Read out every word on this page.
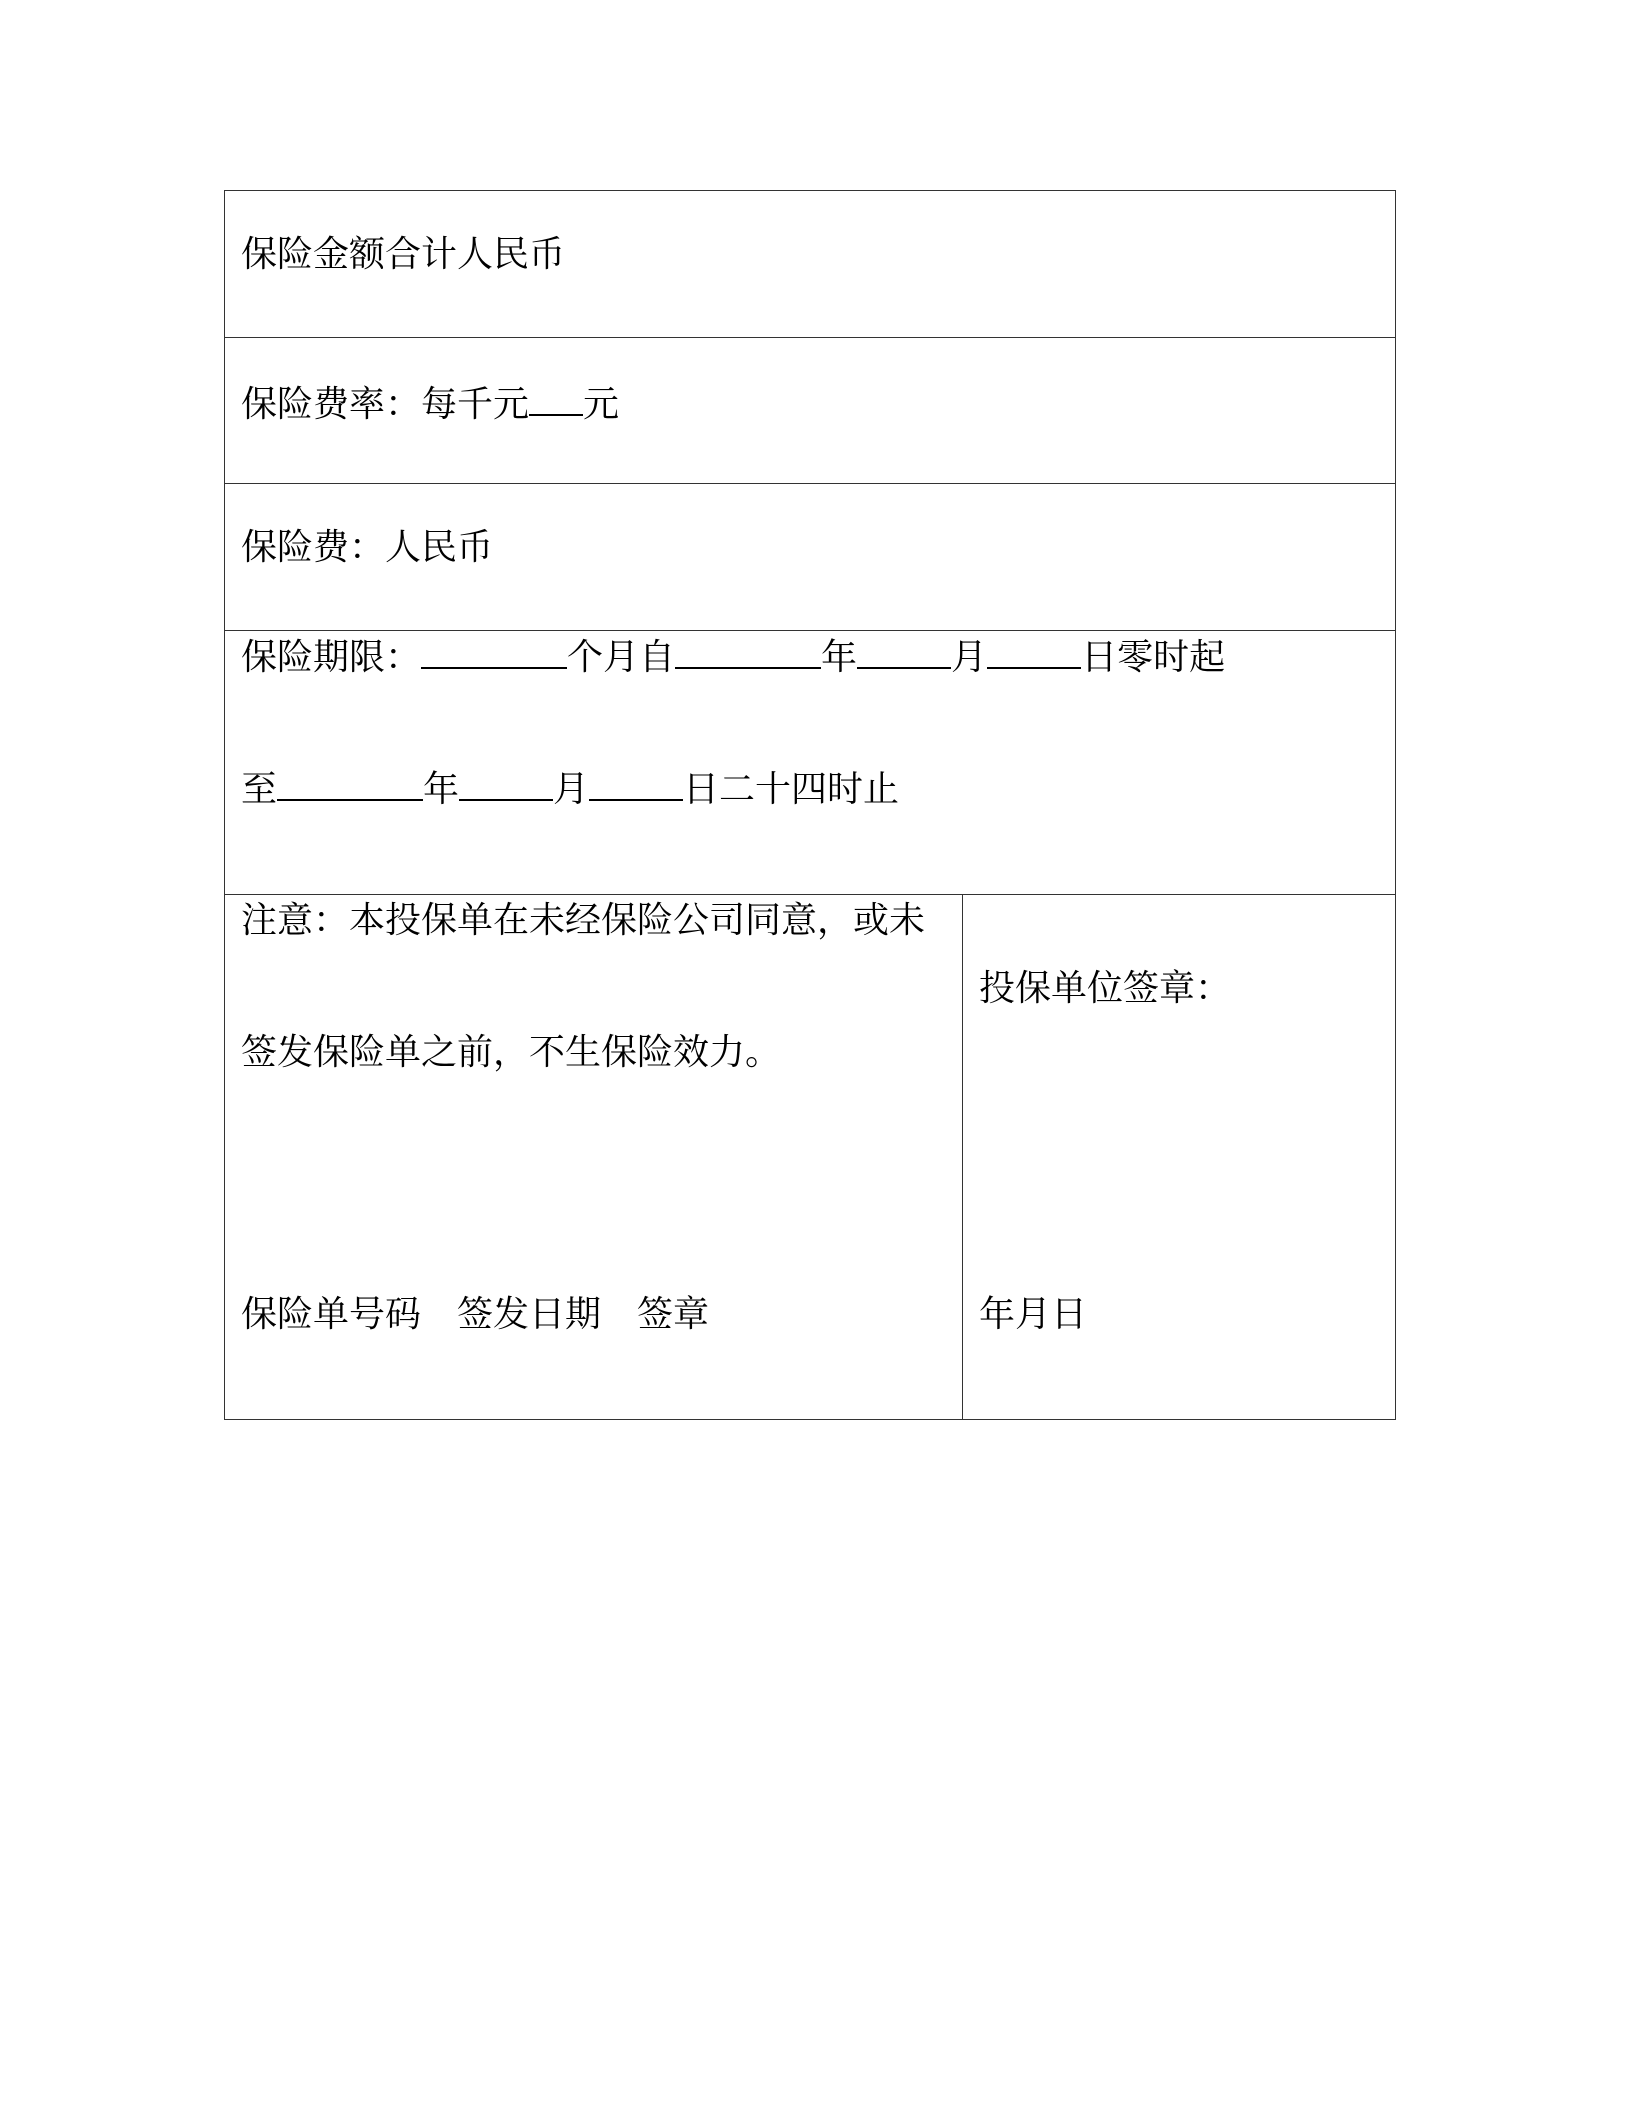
保险金额合计人民币
保险费率：每千元 元
保险费：人民币
保险期限：	个月自	年	月	日零时起
至	年	月	日二十四时止
注意：本投保单在未经保险公司同意，或未
签发保险单之前，不生保险效力。
保险单号码 签发日期 签章
投保单位签章：
年月日
